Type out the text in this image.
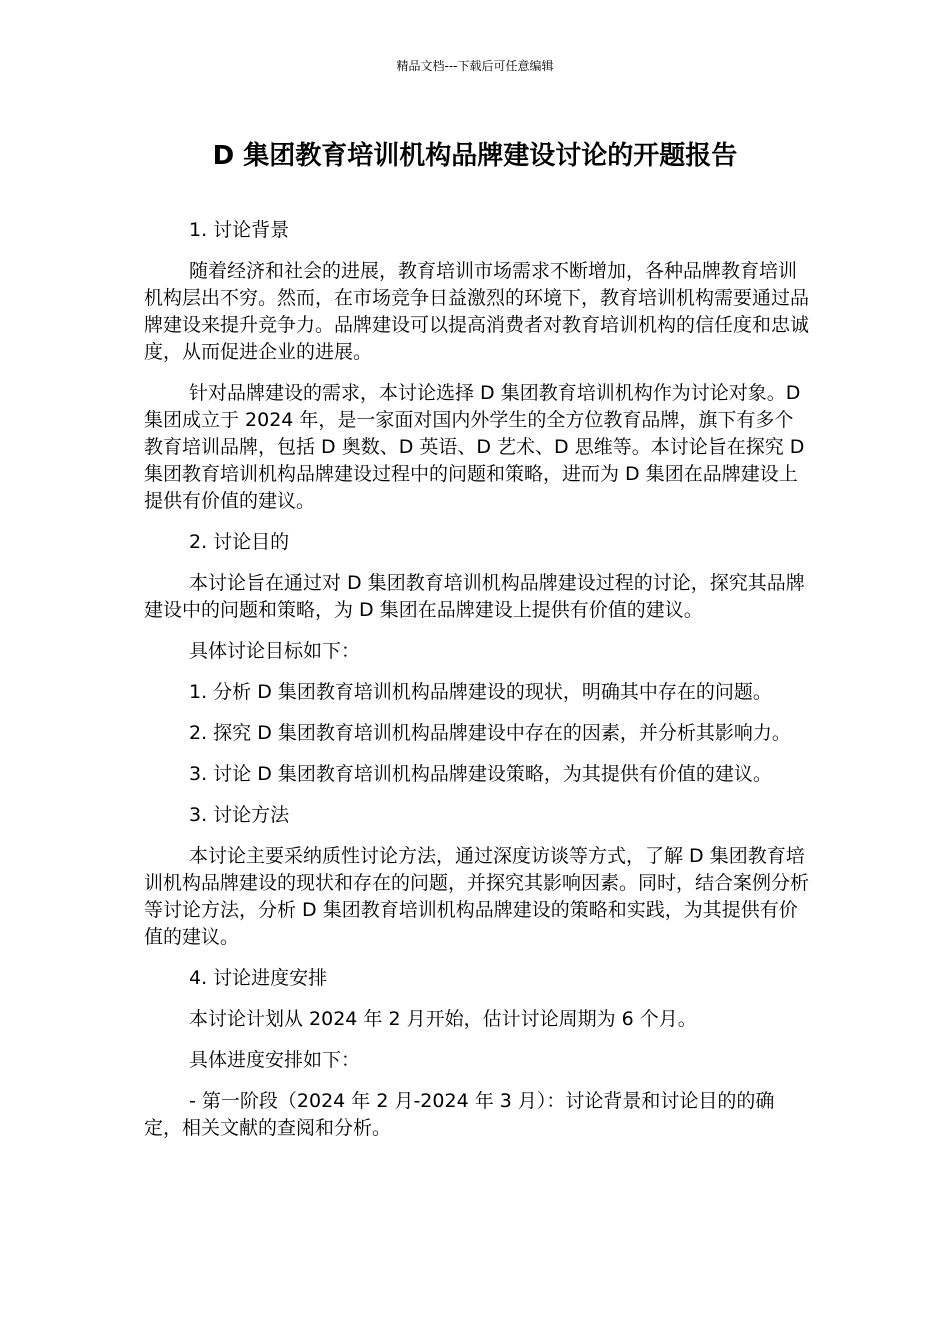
精品文档---下载后可任意编辑
D 集团教育培训机构品牌建设讨论的开题报告

1. 讨论背景

随着经济和社会的进展，教育培训市场需求不断增加，各种品牌教育培训机构层出不穷。然而，在市场竞争日益激烈的环境下，教育培训机构需要通过品牌建设来提升竞争力。品牌建设可以提高消费者对教育培训机构的信任度和忠诚度，从而促进企业的进展。

针对品牌建设的需求，本讨论选择 D 集团教育培训机构作为讨论对象。D 集团成立于 2024 年，是一家面对国内外学生的全方位教育品牌，旗下有多个教育培训品牌，包括 D 奥数、D 英语、D 艺术、D 思维等。本讨论旨在探究 D 集团教育培训机构品牌建设过程中的问题和策略，进而为 D 集团在品牌建设上提供有价值的建议。

2. 讨论目的

本讨论旨在通过对 D 集团教育培训机构品牌建设过程的讨论，探究其品牌建设中的问题和策略，为 D 集团在品牌建设上提供有价值的建议。

具体讨论目标如下：

1. 分析 D 集团教育培训机构品牌建设的现状，明确其中存在的问题。

2. 探究 D 集团教育培训机构品牌建设中存在的因素，并分析其影响力。

3. 讨论 D 集团教育培训机构品牌建设策略，为其提供有价值的建议。

3. 讨论方法

本讨论主要采纳质性讨论方法，通过深度访谈等方式，了解 D 集团教育培训机构品牌建设的现状和存在的问题，并探究其影响因素。同时，结合案例分析等讨论方法，分析 D 集团教育培训机构品牌建设的策略和实践，为其提供有价值的建议。

4. 讨论进度安排

本讨论计划从 2024 年 2 月开始，估计讨论周期为 6 个月。

具体进度安排如下：

- 第一阶段（2024 年 2 月-2024 年 3 月）：讨论背景和讨论目的的确定，相关文献的查阅和分析。
